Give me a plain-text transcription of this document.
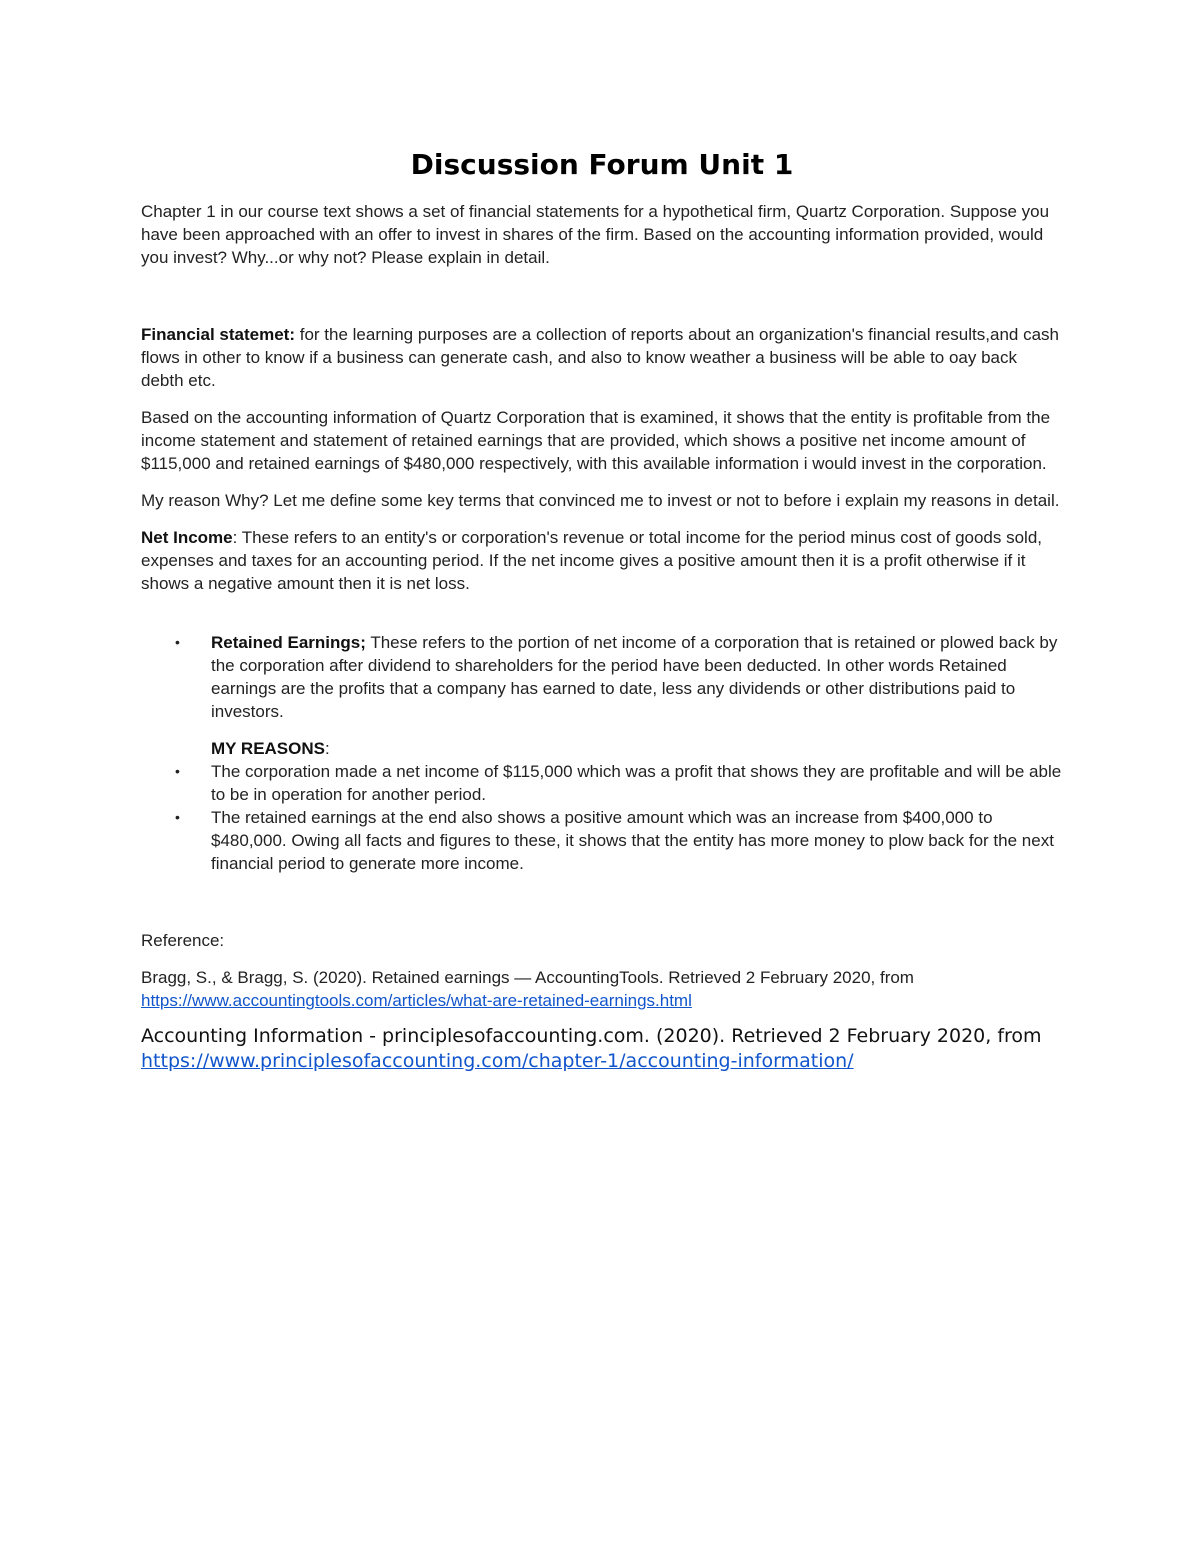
Discussion Forum Unit 1

Chapter 1 in our course text shows a set of financial statements for a hypothetical firm, Quartz Corporation. Suppose you have been approached with an offer to invest in shares of the firm. Based on the accounting information provided, would you invest? Why...or why not? Please explain in detail.

Financial statemet: for the learning purposes are a collection of reports about an organization's financial results,and cash flows in other to know if a business can generate cash, and also to know weather a business will be able to oay back debth etc.

Based on the accounting information of Quartz Corporation that is examined, it shows that the entity is profitable from the income statement and statement of retained earnings that are provided, which shows a positive net income amount of $115,000 and retained earnings of $480,000 respectively, with this available information i would invest in the corporation.

My reason Why? Let me define some key terms that convinced me to invest or not to before i explain my reasons in detail.

Net Income: These refers to an entity's or corporation's revenue or total income for the period minus cost of goods sold, expenses and taxes for an accounting period. If the net income gives a positive amount then it is a profit otherwise if it shows a negative amount then it is net loss.

• Retained Earnings; These refers to the portion of net income of a corporation that is retained or plowed back by the corporation after dividend to shareholders for the period have been deducted. In other words Retained earnings are the profits that a company has earned to date, less any dividends or other distributions paid to investors.

MY REASONS:

• The corporation made a net income of $115,000 which was a profit that shows they are profitable and will be able to be in operation for another period.
• The retained earnings at the end also shows a positive amount which was an increase from $400,000 to $480,000. Owing all facts and figures to these, it shows that the entity has more money to plow back for the next financial period to generate more income.

Reference:

Bragg, S., & Bragg, S. (2020). Retained earnings — AccountingTools. Retrieved 2 February 2020, from https://www.accountingtools.com/articles/what-are-retained-earnings.html

Accounting Information - principlesofaccounting.com. (2020). Retrieved 2 February 2020, from https://www.principlesofaccounting.com/chapter-1/accounting-information/
